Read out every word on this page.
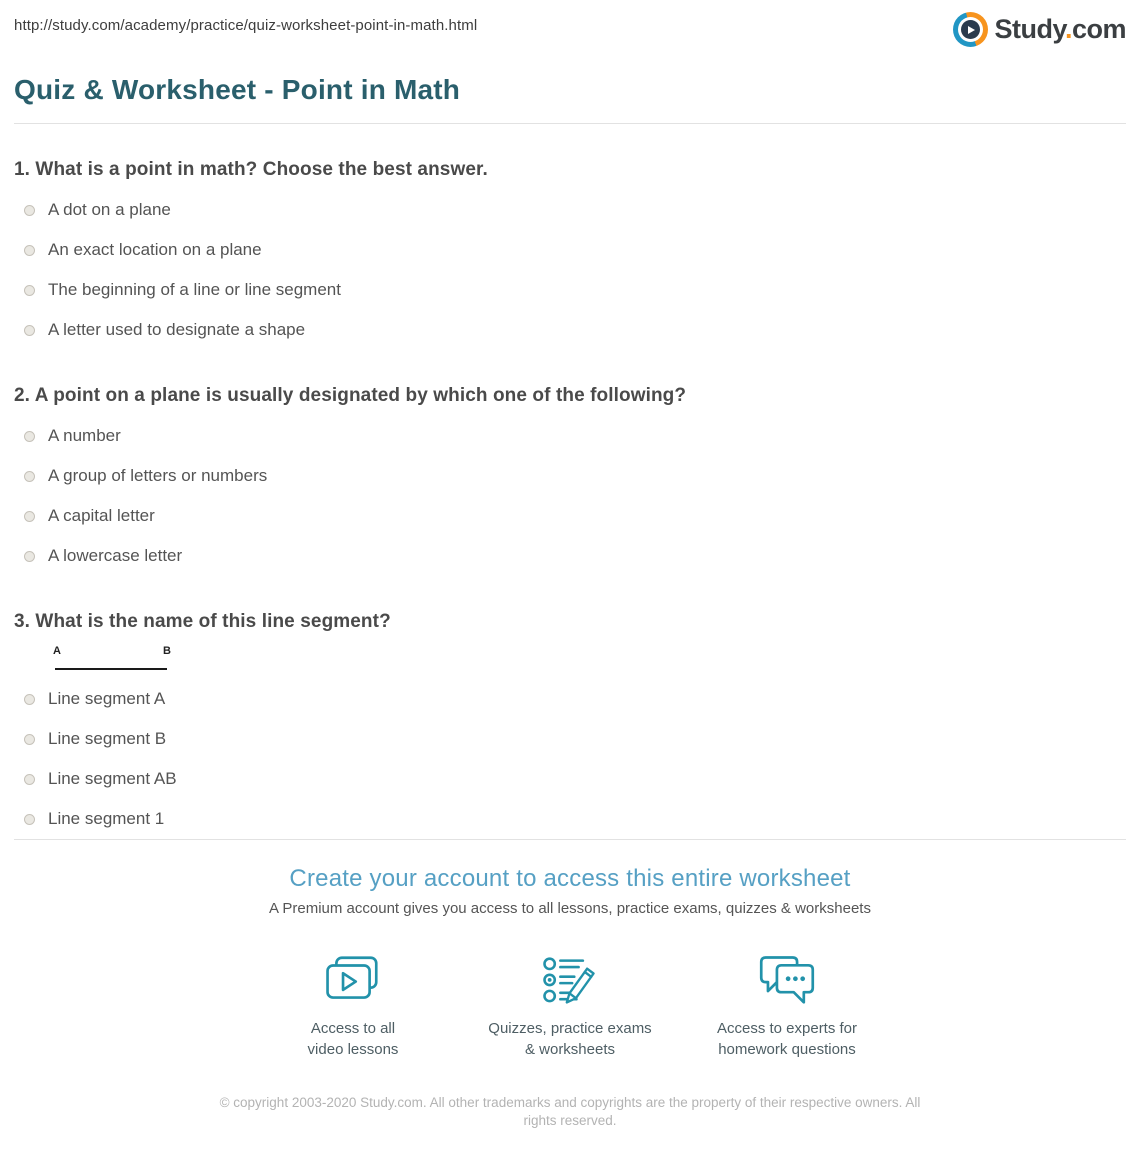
http://study.com/academy/practice/quiz-worksheet-point-in-math.html	Study.com
Quiz & Worksheet - Point in Math
1. What is a point in math? Choose the best answer.
A dot on a plane
An exact location on a plane
The beginning of a line or line segment
A letter used to designate a shape
2. A point on a plane is usually designated by which one of the following?
A number
A group of letters or numbers
A capital letter
A lowercase letter
3. What is the name of this line segment?
A	B
Line segment A
Line segment B
Line segment AB
Line segment 1
Create your account to access this entire worksheet

A Premium account gives you access to all lessons, practice exams, quizzes & worksheets

Access to all
video lessons
Quizzes, practice exams
& worksheets
Access to experts for
homework questions
© copyright 2003-2020 Study.com. All other trademarks and copyrights are the property of their respective owners. All rights reserved.
